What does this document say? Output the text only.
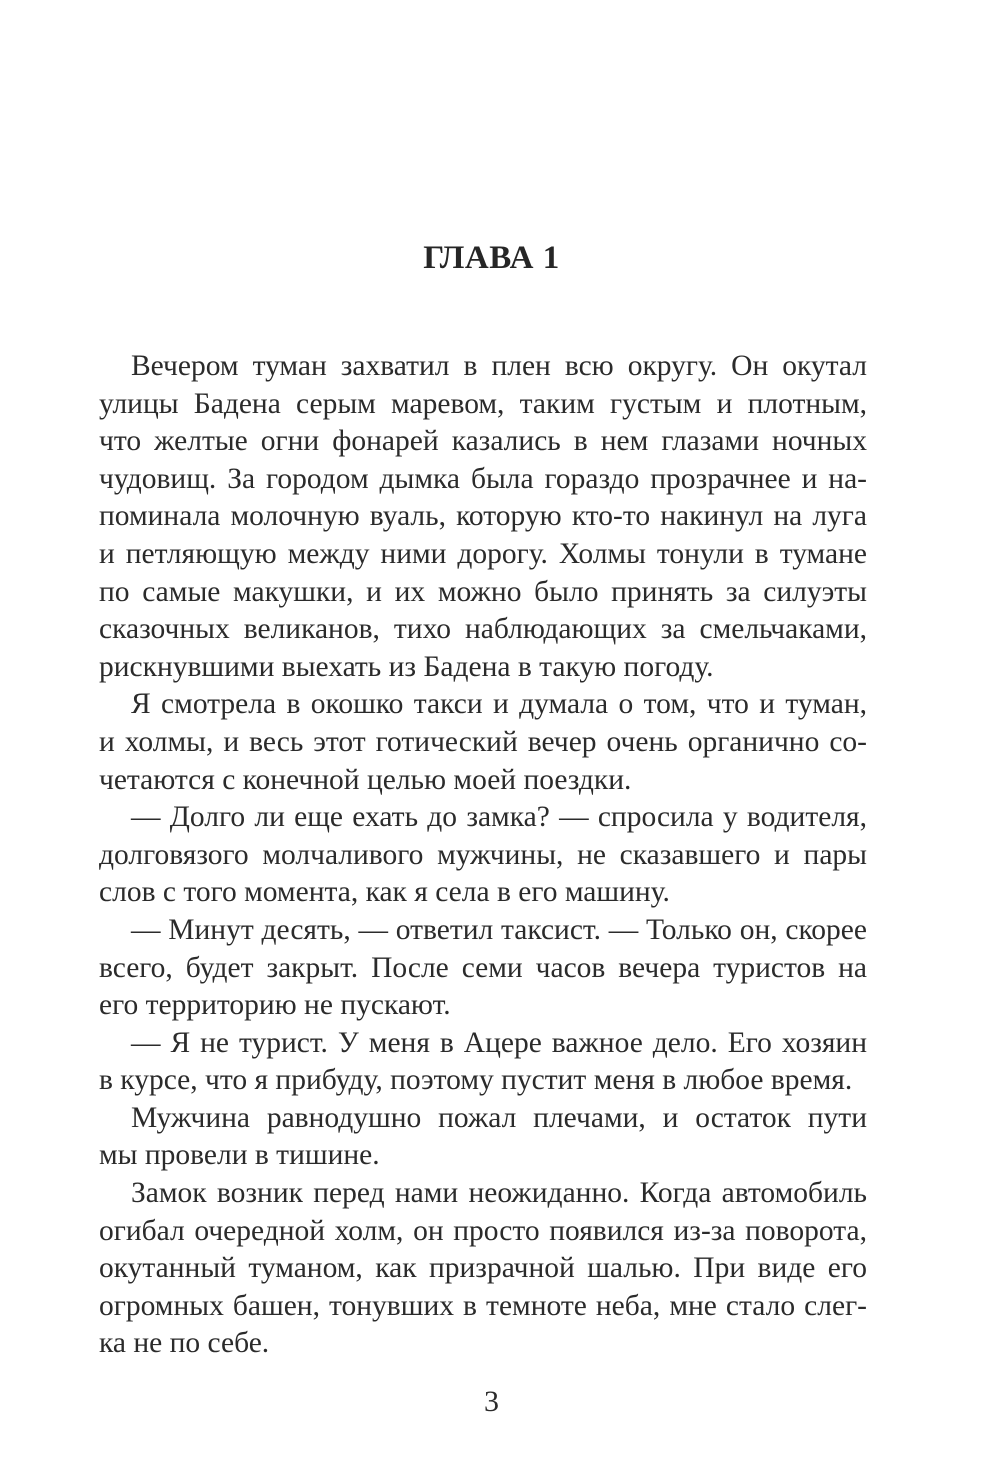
ГЛАВА 1
Вечером туман захватил в плен всю округу. Он окутал
улицы Бадена серым маревом, таким густым и плотным,
что желтые огни фонарей казались в нем глазами ночных
чудовищ. За городом дымка была гораздо прозрачнее и на-
поминала молочную вуаль, которую кто-то накинул на луга
и петляющую между ними дорогу. Холмы тонули в тумане
по самые макушки, и их можно было принять за силуэты
сказочных великанов, тихо наблюдающих за смельчаками,
рискнувшими выехать из Бадена в такую погоду.
Я смотрела в окошко такси и думала о том, что и туман,
и холмы, и весь этот готический вечер очень органично со-
четаются с конечной целью моей поездки.
— Долго ли еще ехать до замка? — спросила у водителя,
долговязого молчаливого мужчины, не сказавшего и пары
слов с того момента, как я села в его машину.
— Минут десять, — ответил таксист. — Только он, скорее
всего, будет закрыт. После семи часов вечера туристов на
его территорию не пускают.
— Я не турист. У меня в Ацере важное дело. Его хозяин
в курсе, что я прибуду, поэтому пустит меня в любое время.
Мужчина равнодушно пожал плечами, и остаток пути
мы провели в тишине.
Замок возник перед нами неожиданно. Когда автомобиль
огибал очередной холм, он просто появился из-за поворота,
окутанный туманом, как призрачной шалью. При виде его
огромных башен, тонувших в темноте неба, мне стало слег-
ка не по себе.
3
